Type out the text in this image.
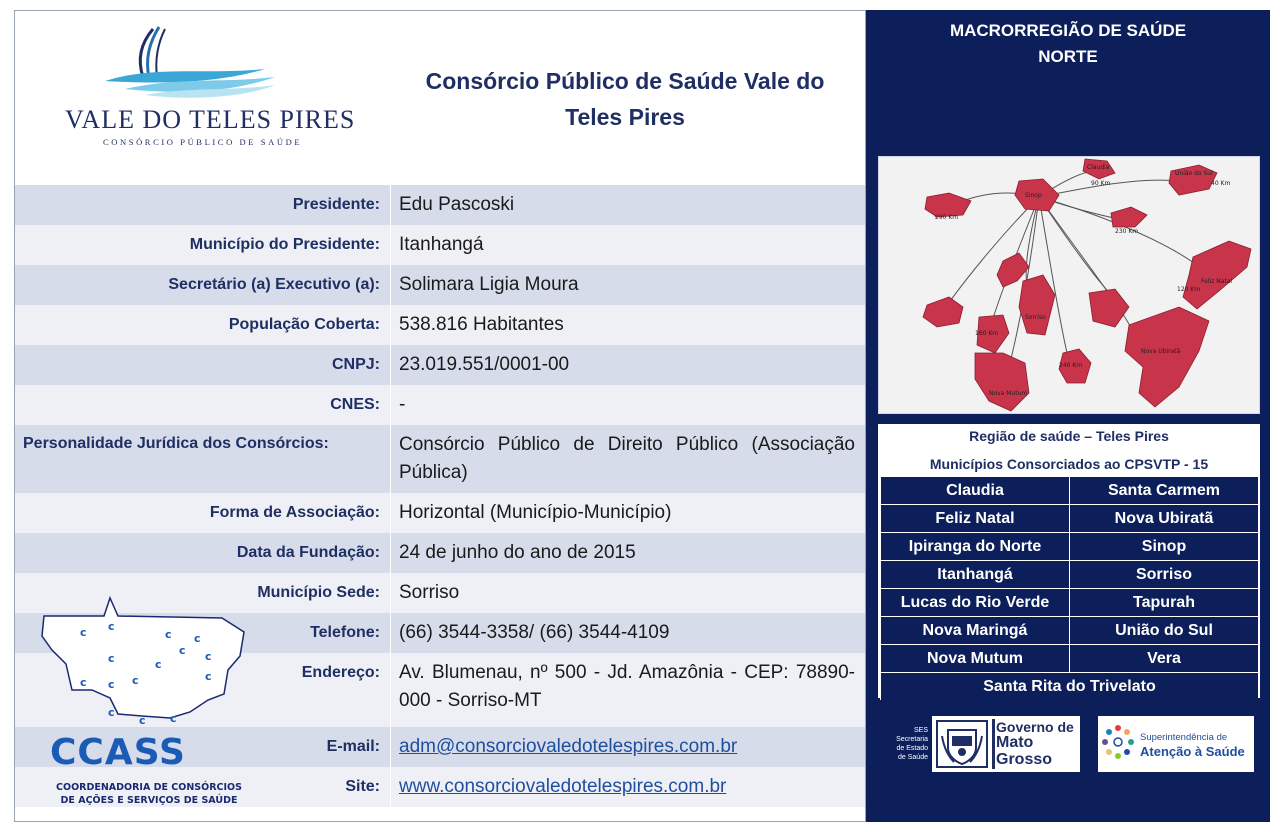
VALE DO TELES PIRES
CONSÓRCIO PÚBLICO DE SAÚDE
Consórcio Público de Saúde Vale do Teles Pires
Presidente:	Edu Pascoski
Município do Presidente:	Itanhangá
Secretário (a) Executivo (a):	Solimara Ligia Moura
População Coberta:	538.816 Habitantes
CNPJ:	23.019.551/0001-00
CNES:	-
Personalidade Jurídica dos Consórcios:	Consórcio Público de Direito Público (Associação Pública)
Forma de Associação:	Horizontal (Município-Município)
Data da Fundação:	24 de junho do ano de 2015
Município Sede:	Sorriso
Telefone:	(66) 3544-3358/ (66) 3544-4109
Endereço:	Av. Blumenau, nº 500 - Jd. Amazônia - CEP: 78890-000 - Sorriso-MT
E-mail:	adm@consorciovaledotelespires.com.br
Site:	www.consorciovaledotelespires.com.br
c c
c c
c c
c	c
c c c	c
c
c c
CCASS
COORDENADORIA DE CONSÓRCIOS
DE AÇÕES E SERVIÇOS DE SAÚDE
MACRORREGIÃO DE SAÚDE
NORTE
Sinop
Claudia
90 Km
União do Sul
40 Km
290 Km
230 Km
Feliz Natal
120 Km
160 Km
240 Km
Nova Ubiratã
Nova Mutum
Sorriso
Região de saúde – Teles Pires
Municípios Consorciados ao CPSVTP - 15
Claudia	Santa Carmem
Feliz Natal	Nova Ubiratã
Ipiranga do Norte	Sinop
Itanhangá	Sorriso
Lucas do Rio Verde	Tapurah
Nova Maringá	União do Sul
Nova Mutum	Vera
Santa Rita do Trivelato
SES
Secretaria
de Estado
de Saúde
Governo de
Mato
Grosso
Superintendência de
Atenção à Saúde
